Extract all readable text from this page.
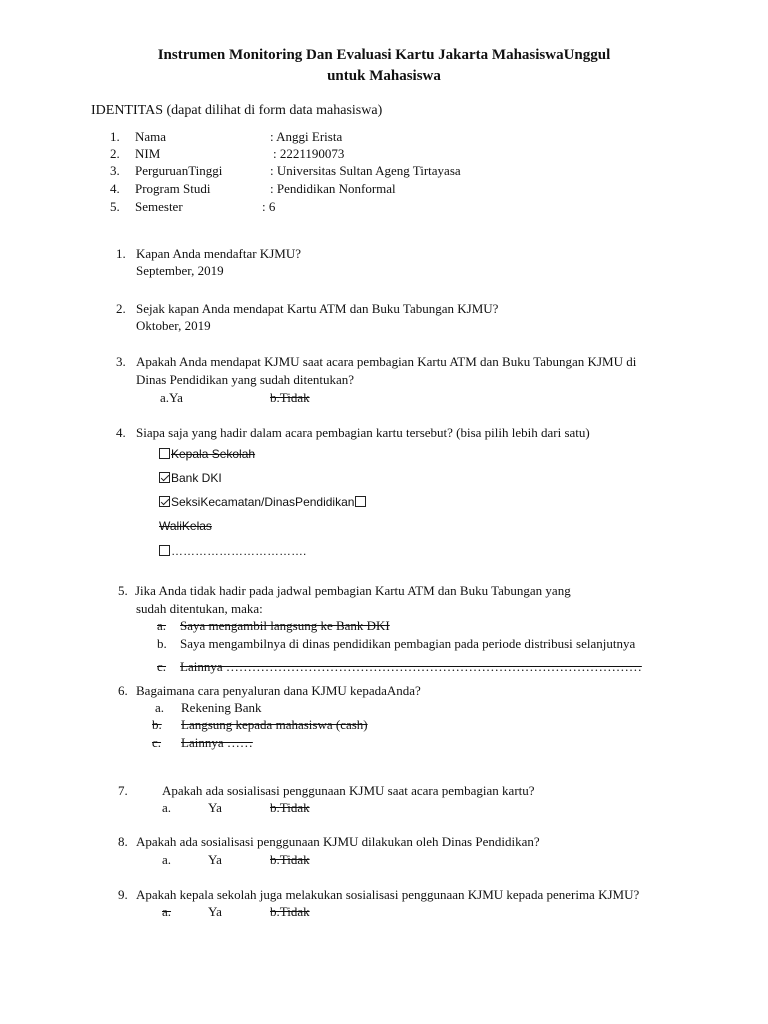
Instrumen Monitoring Dan Evaluasi Kartu Jakarta MahasiswaUnggul
untuk Mahasiswa
IDENTITAS (dapat dilihat di form data mahasiswa)
1. Nama	: Anggi Erista
2. NIM	: 2221190073
3. PerguruanTinggi	: Universitas Sultan Ageng Tirtayasa
4. Program Studi	: Pendidikan Nonformal
5. Semester	: 6
1. Kapan Anda mendaftar KJMU?
September, 2019
2. Sejak kapan Anda mendapat Kartu ATM dan Buku Tabungan KJMU?
Oktober, 2019
3. Apakah Anda mendapat KJMU saat acara pembagian Kartu ATM dan Buku Tabungan KJMU di
Dinas Pendidikan yang sudah ditentukan?
a.Ya	b.Tidak
4. Siapa saja yang hadir dalam acara pembagian kartu tersebut? (bisa pilih lebih dari satu)
Kepala Sekolah
Bank DKI
SeksiKecamatan/DinasPendidikan
WaliKelas
…………………………….
5. Jika Anda tidak hadir pada jadwal pembagian Kartu ATM dan Buku Tabungan yang
sudah ditentukan, maka:
a. Saya mengambil langsung ke Bank DKI
b. Saya mengambilnya di dinas pendidikan pembagian pada periode distribusi selanjutnya
c. Lainnya ……………………………………………………………………………………
6. Bagaimana cara penyaluran dana KJMU kepadaAnda?
a. Rekening Bank
b. Langsung kepada mahasiswa (cash)
c. Lainnya ……
7.	Apakah ada sosialisasi penggunaan KJMU saat acara pembagian kartu?
a.	Ya	b.Tidak
8. Apakah ada sosialisasi penggunaan KJMU dilakukan oleh Dinas Pendidikan?
a.	Ya	b.Tidak
9. Apakah kepala sekolah juga melakukan sosialisasi penggunaan KJMU kepada penerima KJMU?
a.	Ya	b.Tidak
